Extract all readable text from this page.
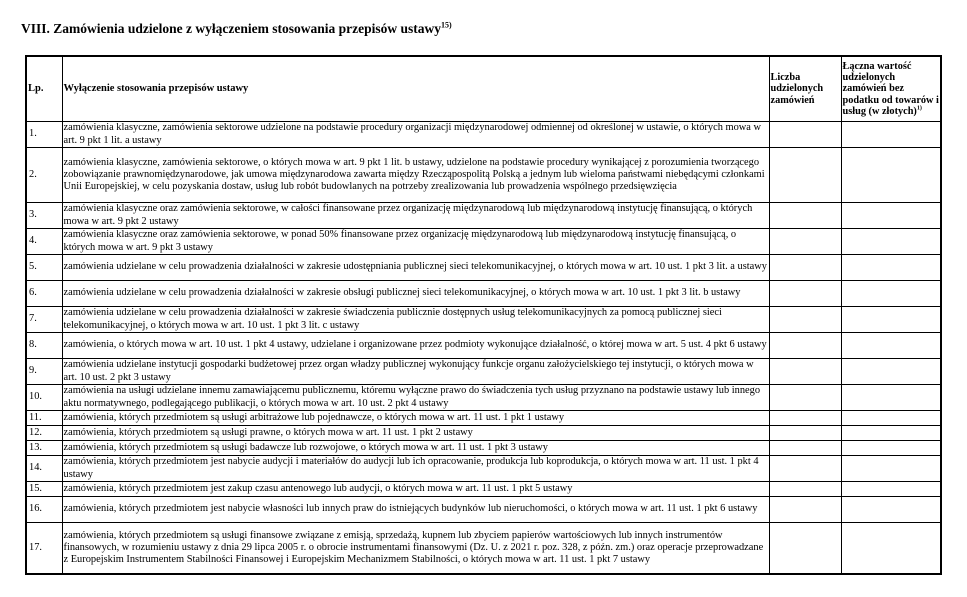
VIII. Zamówienia udzielone z wyłączeniem stosowania przepisów ustawy$^{15)}$
Lp.	Wyłączenie stosowania przepisów ustawy	Liczba udzielonych zamówień	Łączna wartość udzielonych zamówień bez podatku od towarów i usług (w złotych)$^{1)}$
1.	zamówienia klasyczne, zamówienia sektorowe udzielone na podstawie procedury organizacji międzynarodowej odmiennej od określonej w ustawie, o których mowa w art. 9 pkt 1 lit. a ustawy		
2.	zamówienia klasyczne, zamówienia sektorowe, o których mowa w art. 9 pkt 1 lit. b ustawy, udzielone na podstawie procedury wynikającej z porozumienia tworzącego zobowiązanie prawnomiędzynarodowe, jak umowa międzynarodowa zawarta między Rzecząpospolitą Polską a jednym lub wieloma państwami niebędącymi członkami Unii Europejskiej, w celu pozyskania dostaw, usług lub robót budowlanych na potrzeby zrealizowania lub prowadzenia wspólnego przedsięwzięcia		
3.	zamówienia klasyczne oraz zamówienia sektorowe, w całości finansowane przez organizację międzynarodową lub międzynarodową instytucję finansującą, o których mowa w art. 9 pkt 2 ustawy		
4.	zamówienia klasyczne oraz zamówienia sektorowe, w ponad 50% finansowane przez organizację międzynarodową lub międzynarodową instytucję finansującą, o których mowa w art. 9 pkt 3 ustawy		
5.	zamówienia udzielane w celu prowadzenia działalności w zakresie udostępniania publicznej sieci telekomunikacyjnej, o których mowa w art. 10 ust. 1 pkt 3 lit. a ustawy		
6.	zamówienia udzielane w celu prowadzenia działalności w zakresie obsługi publicznej sieci telekomunikacyjnej, o których mowa w art. 10 ust. 1 pkt 3 lit. b ustawy		
7.	zamówienia udzielane w celu prowadzenia działalności w zakresie świadczenia publicznie dostępnych usług telekomunikacyjnych za pomocą publicznej sieci telekomunikacyjnej, o których mowa w art. 10 ust. 1 pkt 3 lit. c ustawy		
8.	zamówienia, o których mowa w art. 10 ust. 1 pkt 4 ustawy, udzielane i organizowane przez podmioty wykonujące działalność, o której mowa w art. 5 ust. 4 pkt 6 ustawy		
9.	zamówienia udzielane instytucji gospodarki budżetowej przez organ władzy publicznej wykonujący funkcje organu założycielskiego tej instytucji, o których mowa w art. 10 ust. 2 pkt 3 ustawy		
10.	zamówienia na usługi udzielane innemu zamawiającemu publicznemu, któremu wyłączne prawo do świadczenia tych usług przyznano na podstawie ustawy lub innego aktu normatywnego, podlegającego publikacji, o których mowa w art. 10 ust. 2 pkt 4 ustawy		
11.	zamówienia, których przedmiotem są usługi arbitrażowe lub pojednawcze, o których mowa w art. 11 ust. 1 pkt 1 ustawy		
12.	zamówienia, których przedmiotem są usługi prawne, o których mowa w art. 11 ust. 1 pkt 2 ustawy		
13.	zamówienia, których przedmiotem są usługi badawcze lub rozwojowe, o których mowa w art. 11 ust. 1 pkt 3 ustawy		
14.	zamówienia, których przedmiotem jest nabycie audycji i materiałów do audycji lub ich opracowanie, produkcja lub koprodukcja, o których mowa w art. 11 ust. 1 pkt 4 ustawy		
15.	zamówienia, których przedmiotem jest zakup czasu antenowego lub audycji, o których mowa w art. 11 ust. 1 pkt 5 ustawy		
16.	zamówienia, których przedmiotem jest nabycie własności lub innych praw do istniejących budynków lub nieruchomości, o których mowa w art. 11 ust. 1 pkt 6 ustawy		
17.	zamówienia, których przedmiotem są usługi finansowe związane z emisją, sprzedażą, kupnem lub zbyciem papierów wartościowych lub innych instrumentów finansowych, w rozumieniu ustawy z dnia 29 lipca 2005 r. o obrocie instrumentami finansowymi (Dz. U. z 2021 r. poz. 328, z późn. zm.) oraz operacje przeprowadzane z Europejskim Instrumentem Stabilności Finansowej i Europejskim Mechanizmem Stabilności, o których mowa w art. 11 ust. 1 pkt 7 ustawy		
